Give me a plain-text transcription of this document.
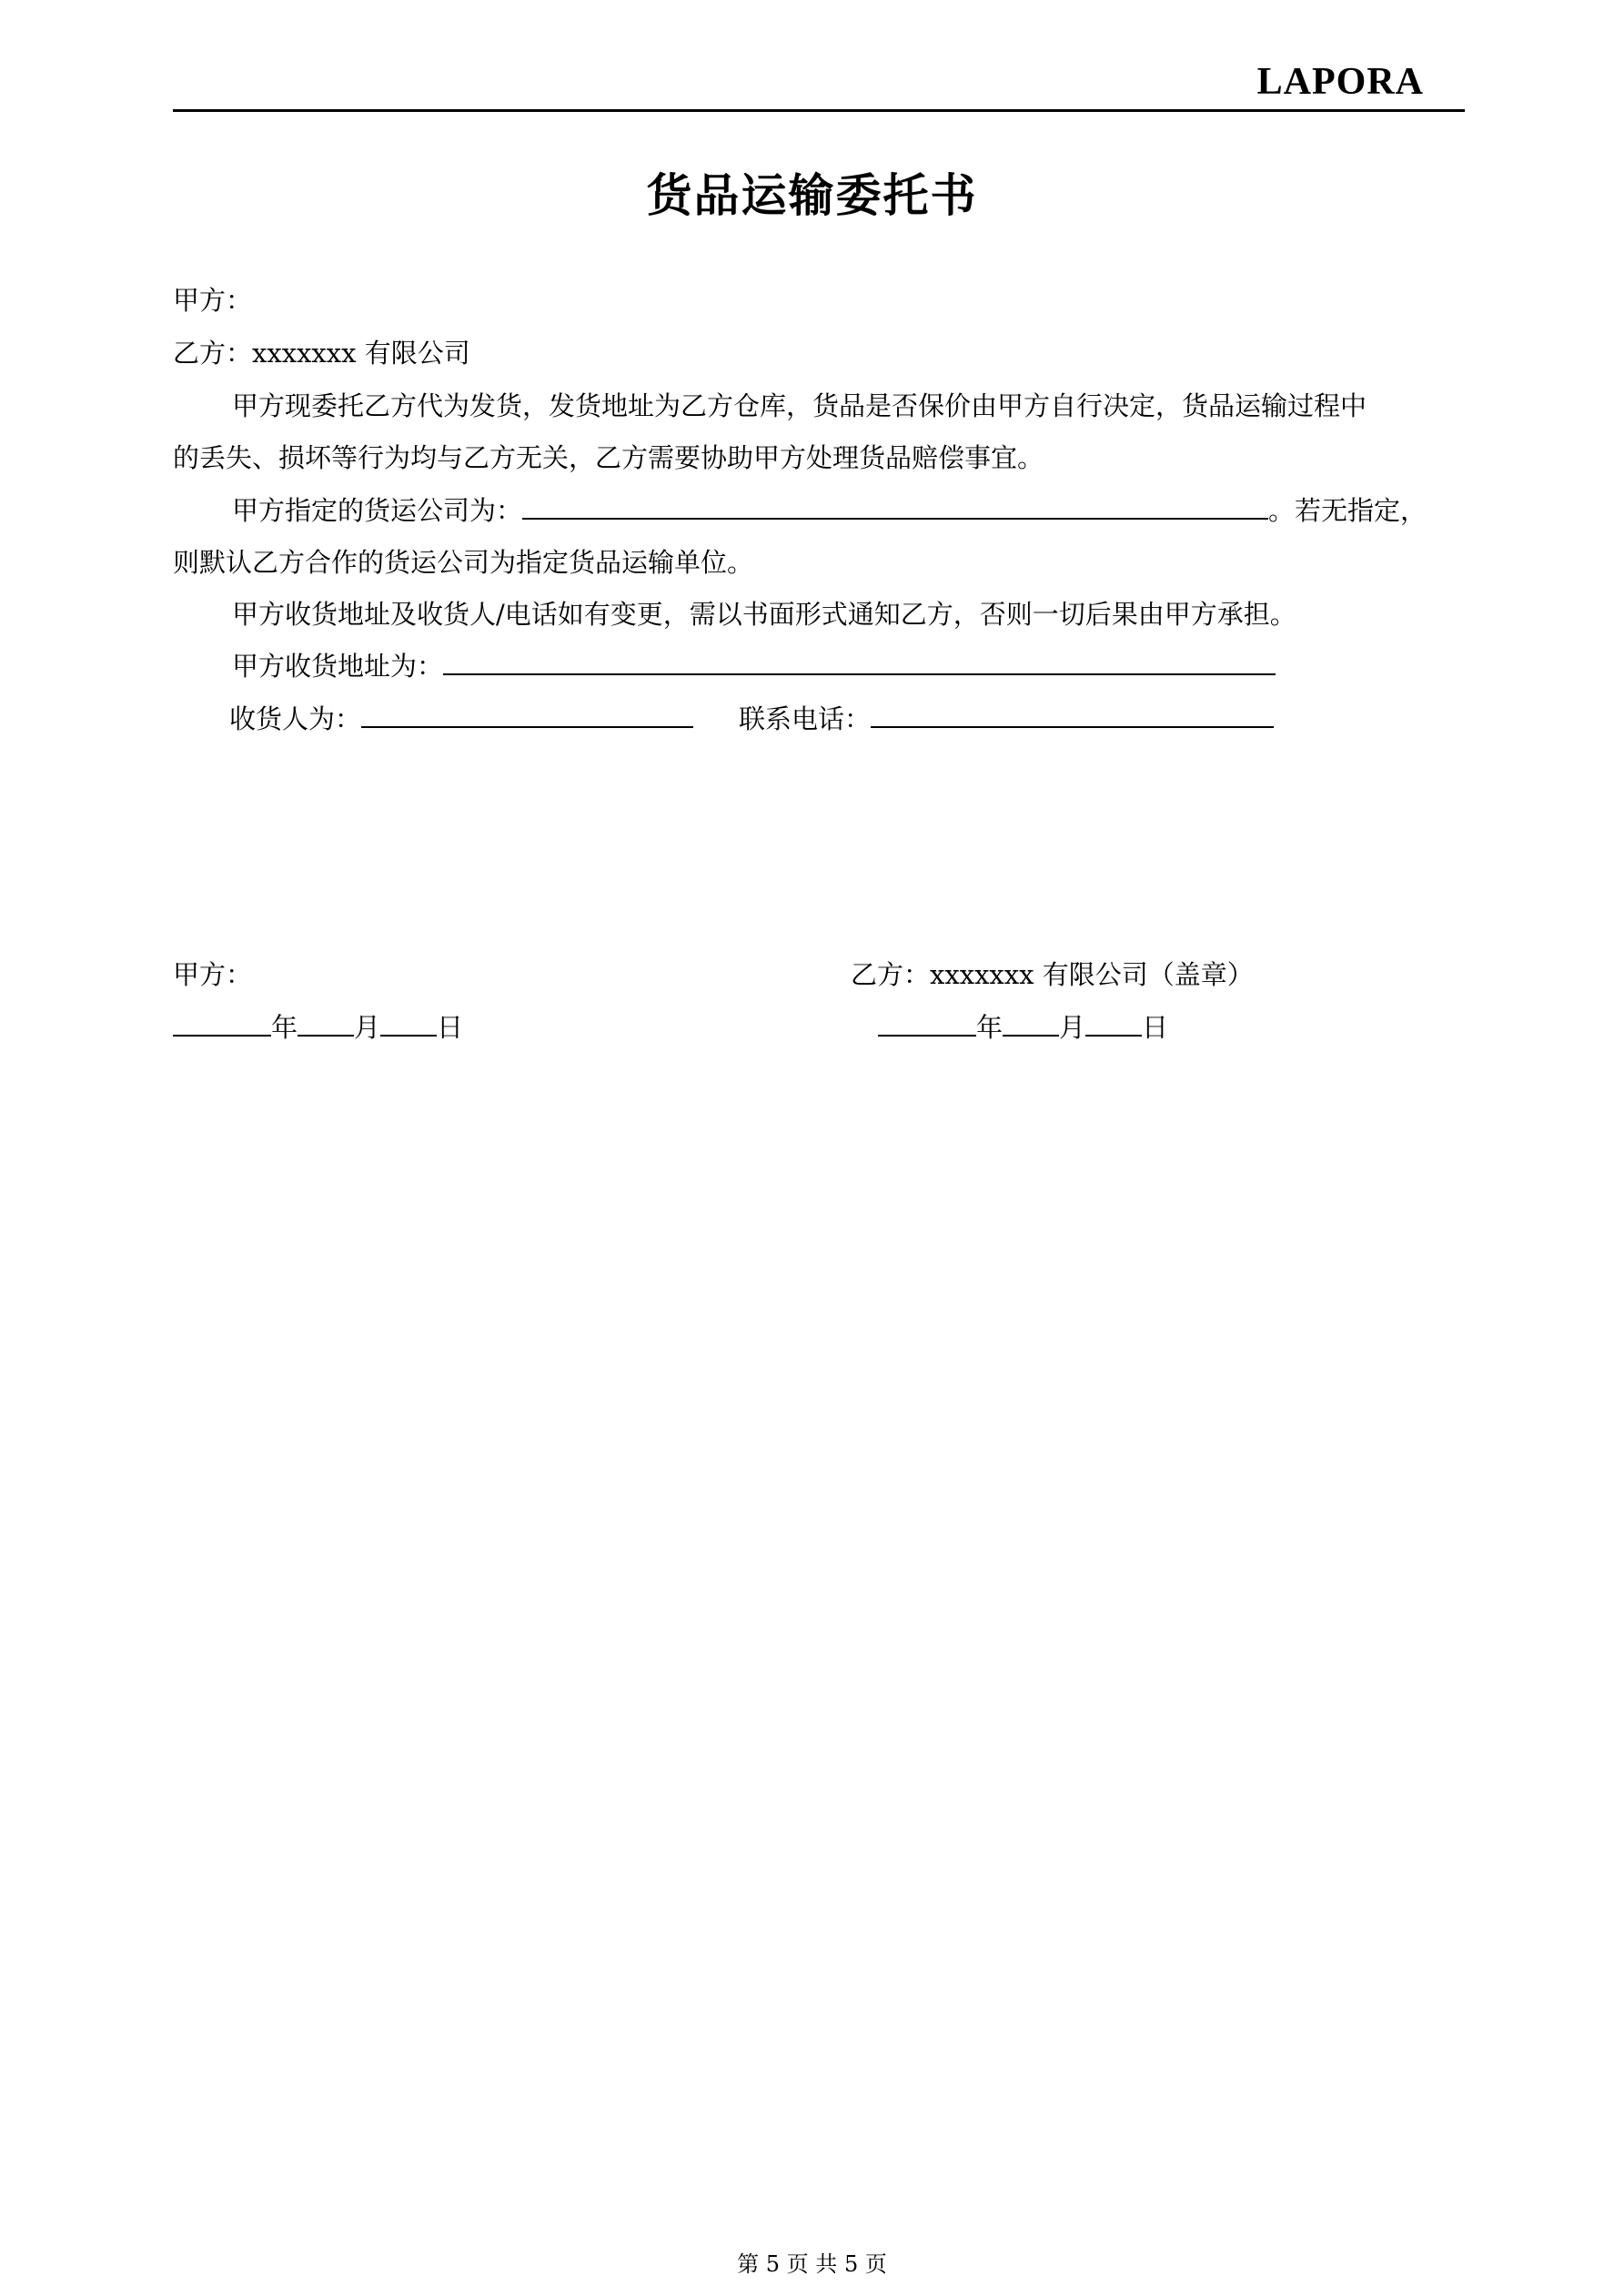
LAPORA
货品运输委托书
甲方：
乙方：xxxxxxx 有限公司
甲方现委托乙方代为发货，发货地址为乙方仓库，货品是否保价由甲方自行决定，货品运输过程中
的丢失、损坏等行为均与乙方无关，乙方需要协助甲方处理货品赔偿事宜。
甲方指定的货运公司为：	。若无指定，
则默认乙方合作的货运公司为指定货品运输单位。
甲方收货地址及收货人/电话如有变更，需以书面形式通知乙方，否则一切后果由甲方承担。
甲方收货地址为：
收货人为：	联系电话：
甲方：	乙方：xxxxxxx 有限公司（盖章）
年 月 日	年 月 日
第 5 页 共 5 页
